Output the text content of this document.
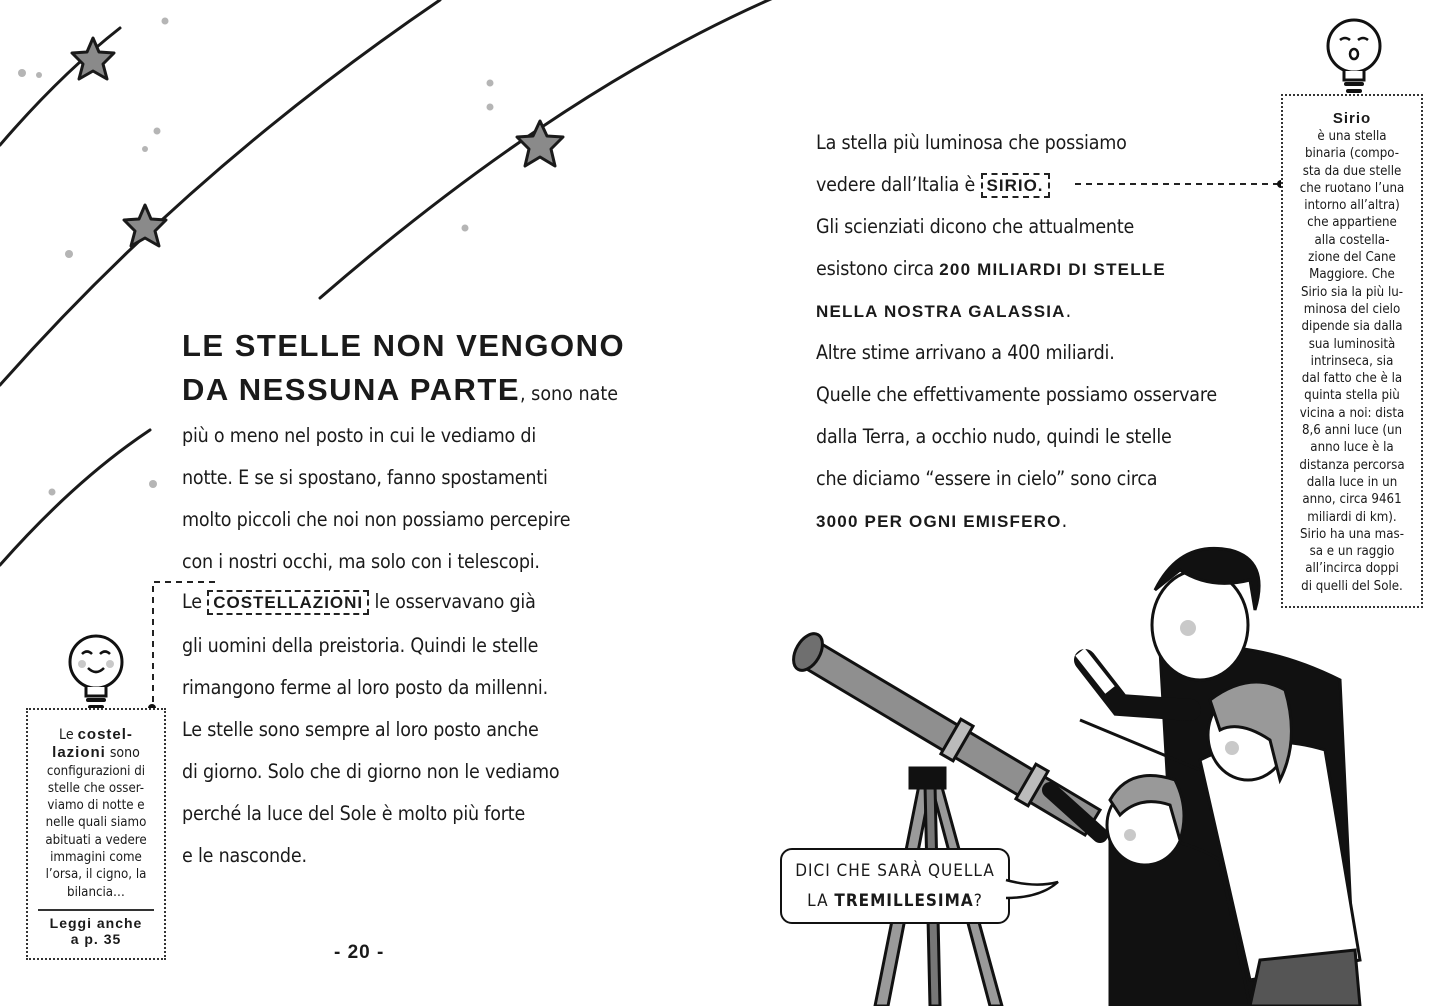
LE STELLE NON VENGONO
DA NESSUNA PARTE, sono nate
più o meno nel posto in cui le vediamo di
notte. E se si spostano, fanno spostamenti
molto piccoli che noi non possiamo percepire
con i nostri occhi, ma solo con i telescopi.
Le COSTELLAZIONI le osservavano già
gli uomini della preistoria. Quindi le stelle
rimangono ferme al loro posto da millenni.
Le stelle sono sempre al loro posto anche
di giorno. Solo che di giorno non le vediamo
perché la luce del Sole è molto più forte
e le nasconde.
Le costel-
lazioni sono
configurazioni di
stelle che osser-
viamo di notte e
nelle quali siamo
abituati a vedere
immagini come
l’orsa, il cigno, la
bilancia…
Leggi anche
a p. 35
- 20 -
La stella più luminosa che possiamo
vedere dall’Italia è SIRIO.
Gli scienziati dicono che attualmente
esistono circa 200 MILIARDI DI STELLE
NELLA NOSTRA GALASSIA.
Altre stime arrivano a 400 miliardi.
Quelle che effettivamente possiamo osservare
dalla Terra, a occhio nudo, quindi le stelle
che diciamo “essere in cielo” sono circa
3000 PER OGNI EMISFERO.
Sirio
è una stella
binaria (compo-
sta da due stelle
che ruotano l’una
intorno all’altra)
che appartiene
alla costella-
zione del Cane
Maggiore. Che
Sirio sia la più lu-
minosa del cielo
dipende sia dalla
sua luminosità
intrinseca, sia
dal fatto che è la
quinta stella più
vicina a noi: dista
8,6 anni luce (un
anno luce è la
distanza percorsa
dalla luce in un
anno, circa 9461
miliardi di km).
Sirio ha una mas-
sa e un raggio
all’incirca doppi
di quelli del Sole.
DICI CHE SARÀ QUELLA
LA TREMILLESIMA?
